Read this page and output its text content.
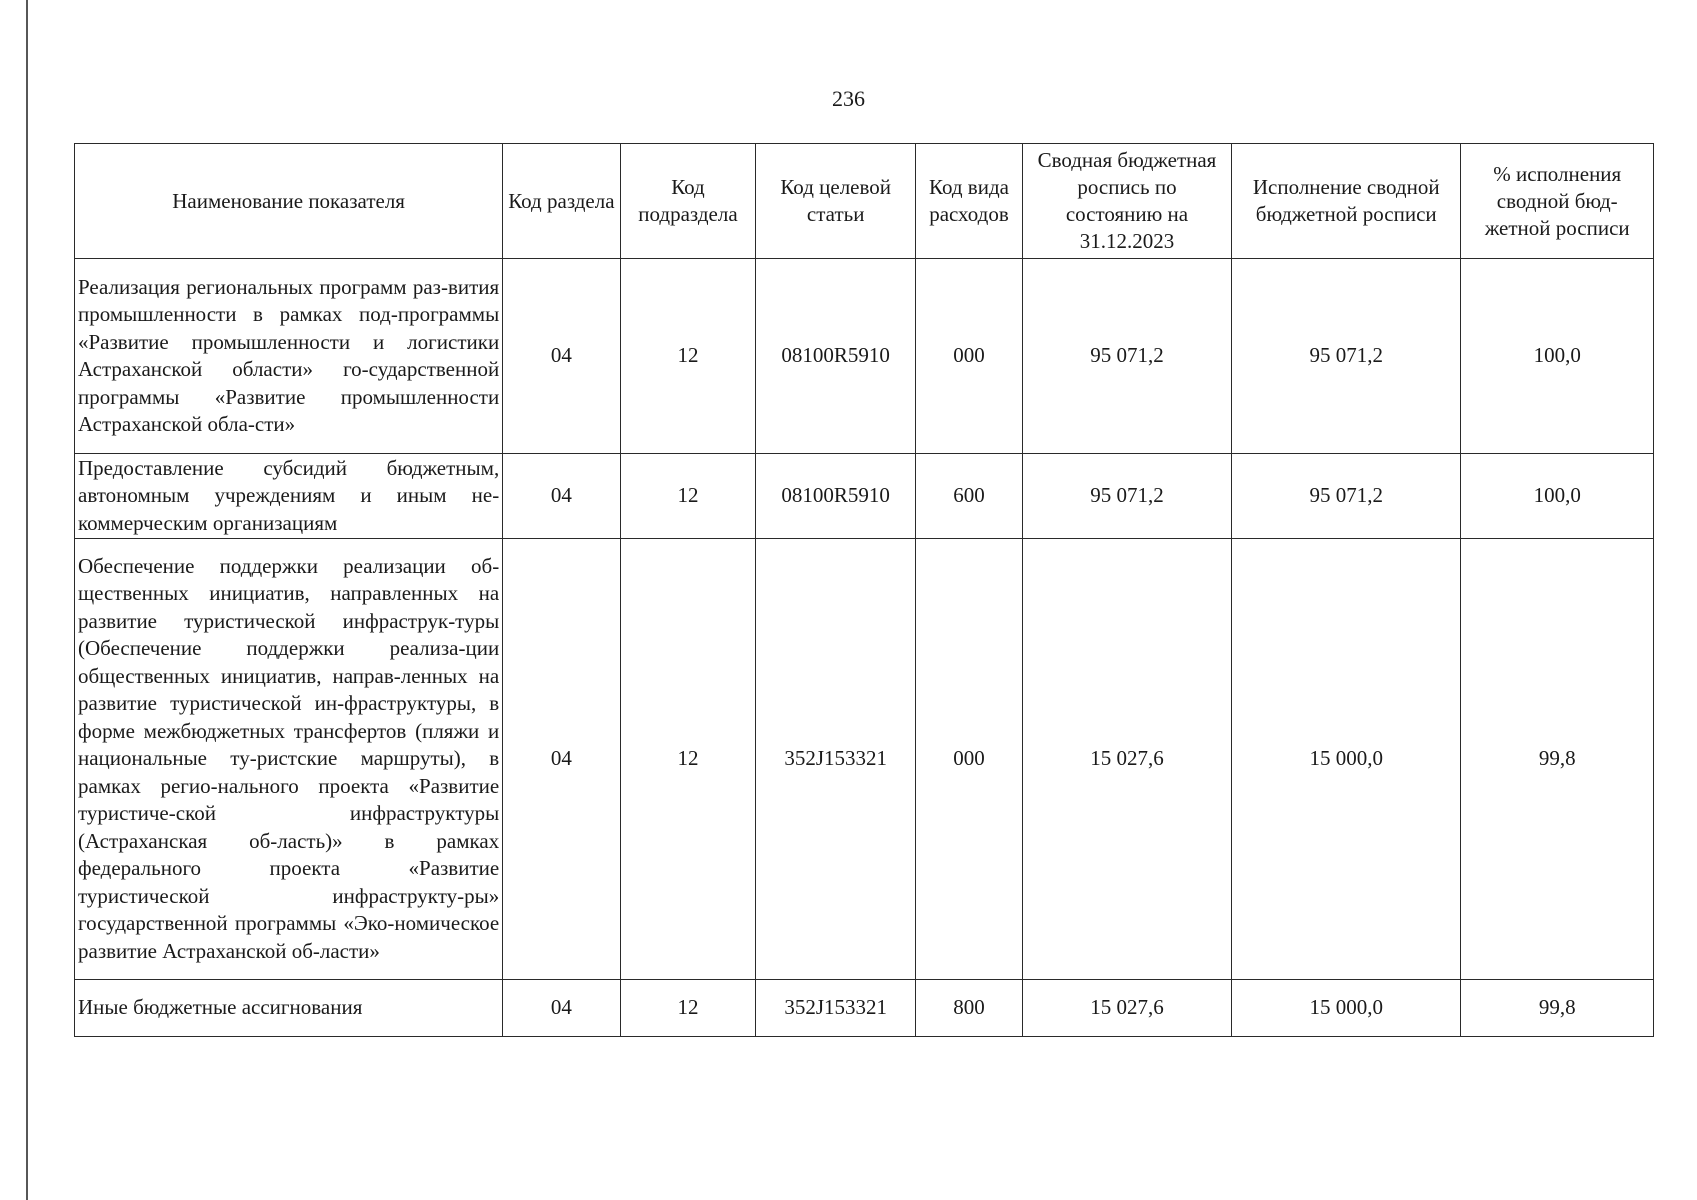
236
Наименование показателя	Код раздела	Код подраздела	Код целевой статьи	Код вида расходов	Сводная бюджетная роспись по состоянию на 31.12.2023	Исполнение сводной бюджетной росписи	% исполнения сводной бюд-жетной росписи
Реализация региональных программ раз-вития промышленности в рамках под-программы «Развитие промышленности и логистики Астраханской области» го-сударственной программы «Развитие промышленности Астраханской обла-сти»	04	12	08100R5910	000	95 071,2	95 071,2	100,0
Предоставление субсидий бюджетным, автономным учреждениям и иным не-коммерческим организациям	04	12	08100R5910	600	95 071,2	95 071,2	100,0
Обеспечение поддержки реализации об-щественных инициатив, направленных на развитие туристической инфраструк-туры (Обеспечение поддержки реализа-ции общественных инициатив, направ-ленных на развитие туристической ин-фраструктуры, в форме межбюджетных трансфертов (пляжи и национальные ту-ристские маршруты), в рамках регио-нального проекта «Развитие туристиче-ской инфраструктуры (Астраханская об-ласть)» в рамках федерального проекта «Развитие туристической инфраструкту-ры» государственной программы «Эко-номическое развитие Астраханской об-ласти»	04	12	352J153321	000	15 027,6	15 000,0	99,8
Иные бюджетные ассигнования	04	12	352J153321	800	15 027,6	15 000,0	99,8
